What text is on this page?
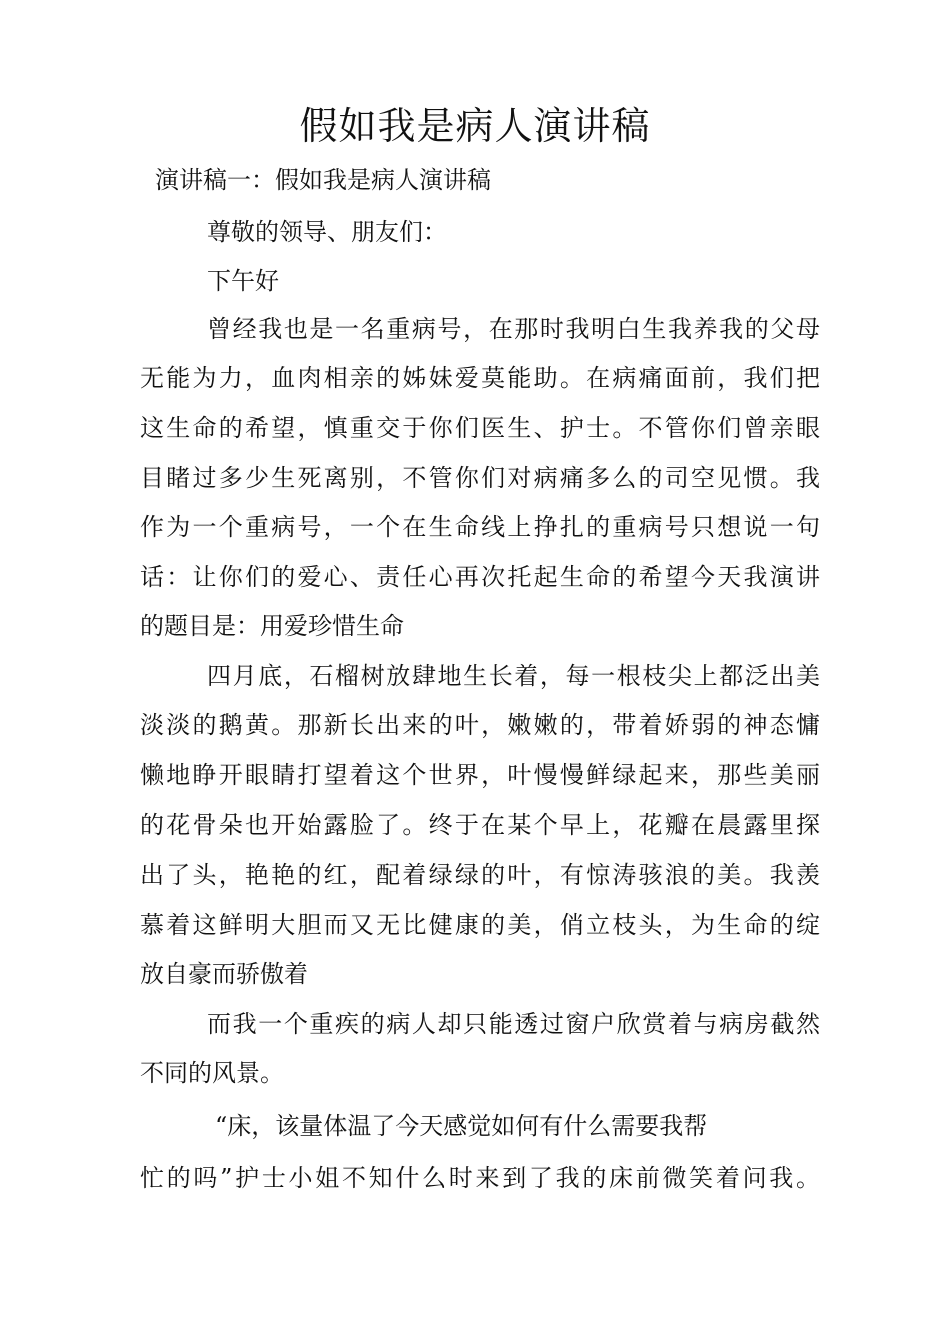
假如我是病人演讲稿
演讲稿一：假如我是病人演讲稿
尊敬的领导、朋友们：
下午好
曾经我也是一名重病号，在那时我明白生我养我的父母
无能为力，血肉相亲的姊妹爱莫能助。在病痛面前，我们把
这生命的希望，慎重交于你们医生、护士。不管你们曾亲眼
目睹过多少生死离别，不管你们对病痛多么的司空见惯。我
作为一个重病号，一个在生命线上挣扎的重病号只想说一句
话：让你们的爱心、责任心再次托起生命的希望今天我演讲
的题目是：用爱珍惜生命
四月底，石榴树放肆地生长着，每一根枝尖上都泛出美
淡淡的鹅黄。那新长出来的叶，嫩嫩的，带着娇弱的神态慵
懒地睁开眼睛打望着这个世界，叶慢慢鲜绿起来，那些美丽
的花骨朵也开始露脸了。终于在某个早上，花瓣在晨露里探
出了头，艳艳的红，配着绿绿的叶，有惊涛骇浪的美。我羡
慕着这鲜明大胆而又无比健康的美，俏立枝头，为生命的绽
放自豪而骄傲着
而我一个重疾的病人却只能透过窗户欣赏着与病房截然
不同的风景。
“床，该量体温了今天感觉如何有什么需要我帮
忙的吗”护士小姐不知什么时来到了我的床前微笑着问我。
